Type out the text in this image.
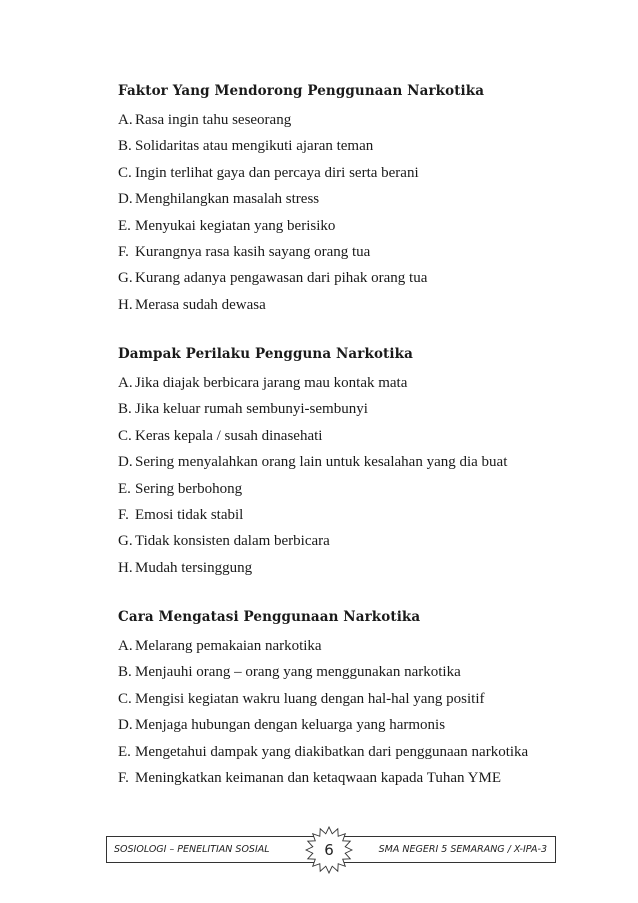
Faktor Yang Mendorong Penggunaan Narkotika
A. Rasa ingin tahu seseorang
B. Solidaritas atau mengikuti ajaran teman
C. Ingin terlihat gaya dan percaya diri serta berani
D. Menghilangkan masalah stress
E. Menyukai kegiatan yang berisiko
F. Kurangnya rasa kasih sayang orang tua
G. Kurang adanya pengawasan dari pihak orang tua
H. Merasa sudah dewasa
Dampak Perilaku Pengguna Narkotika
A. Jika diajak berbicara jarang mau kontak mata
B. Jika keluar rumah sembunyi-sembunyi
C. Keras kepala / susah dinasehati
D. Sering menyalahkan orang lain untuk kesalahan yang dia buat
E. Sering berbohong
F. Emosi tidak stabil
G. Tidak konsisten dalam berbicara
H. Mudah tersinggung
Cara Mengatasi Penggunaan Narkotika
A. Melarang pemakaian narkotika
B. Menjauhi orang – orang yang menggunakan narkotika
C. Mengisi kegiatan wakru luang dengan hal-hal yang positif
D. Menjaga hubungan dengan keluarga yang harmonis
E. Mengetahui dampak yang diakibatkan dari penggunaan narkotika
F. Meningkatkan keimanan dan ketaqwaan kapada Tuhan YME
SOSIOLOGI – PENELITIAN SOSIAL	SMA NEGERI 5 SEMARANG / X-IPA-3
6
